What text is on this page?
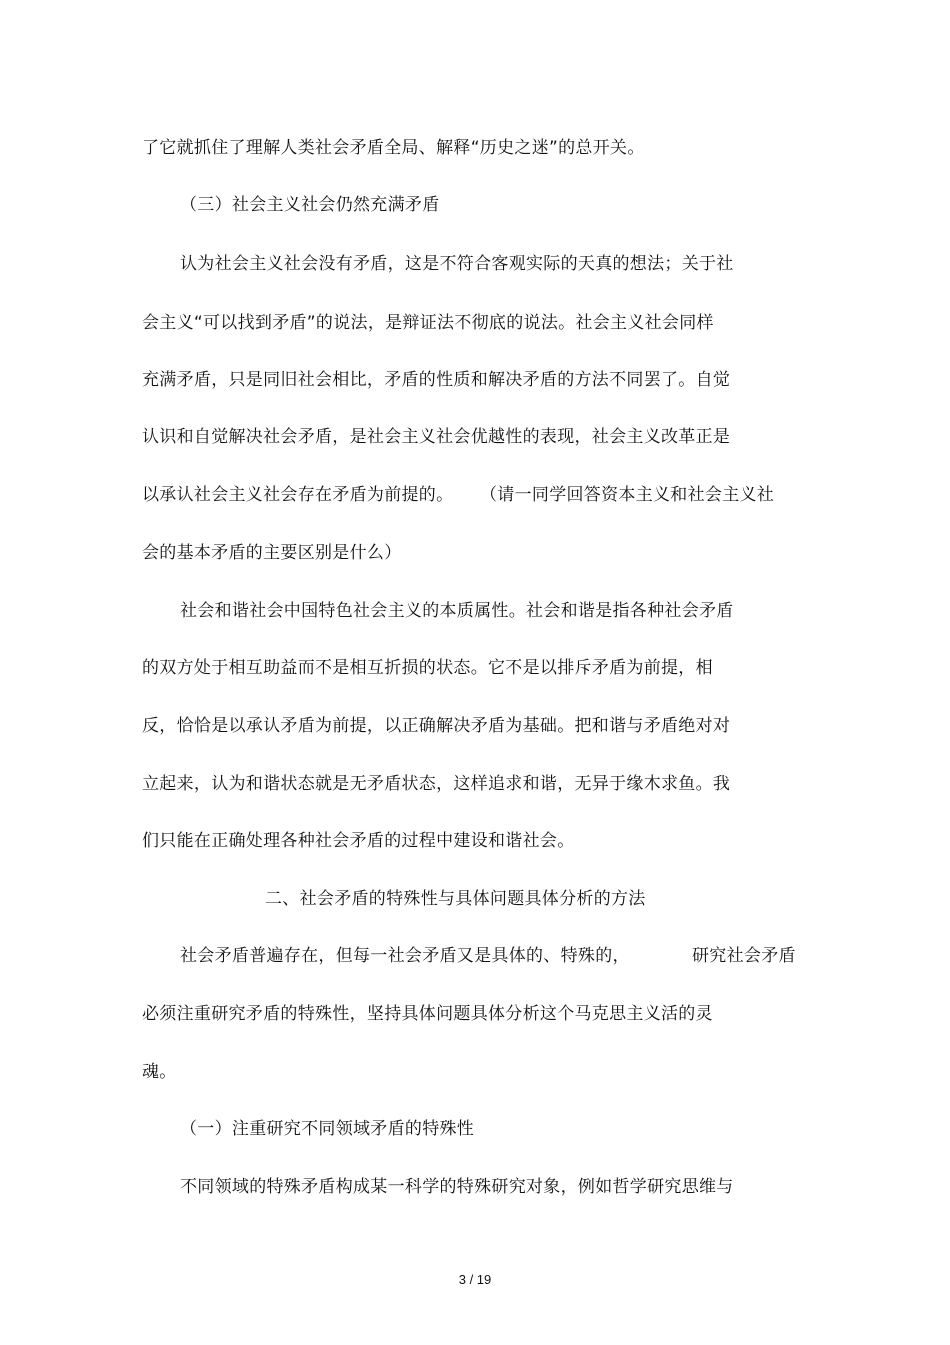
了它就抓住了理解人类社会矛盾全局、解释“历史之迷”的总开关。
（三）社会主义社会仍然充满矛盾
认为社会主义社会没有矛盾，这是不符合客观实际的天真的想法；关于社
会主义“可以找到矛盾”的说法，是辩证法不彻底的说法。社会主义社会同样
充满矛盾，只是同旧社会相比，矛盾的性质和解决矛盾的方法不同罢了。自觉
认识和自觉解决社会矛盾，是社会主义社会优越性的表现，社会主义改革正是
以承认社会主义社会存在矛盾为前提的。 （请一同学回答资本主义和社会主义社
会的基本矛盾的主要区别是什么）
社会和谐社会中国特色社会主义的本质属性。社会和谐是指各种社会矛盾
的双方处于相互助益而不是相互折损的状态。它不是以排斥矛盾为前提，相
反，恰恰是以承认矛盾为前提，以正确解决矛盾为基础。把和谐与矛盾绝对对
立起来，认为和谐状态就是无矛盾状态，这样追求和谐，无异于缘木求鱼。我
们只能在正确处理各种社会矛盾的过程中建设和谐社会。
二、社会矛盾的特殊性与具体问题具体分析的方法
社会矛盾普遍存在，但每一社会矛盾又是具体的、特殊的，	研究社会矛盾
必须注重研究矛盾的特殊性，坚持具体问题具体分析这个马克思主义活的灵
魂。
（一）注重研究不同领域矛盾的特殊性
不同领域的特殊矛盾构成某一科学的特殊研究对象，例如哲学研究思维与
3 / 19
